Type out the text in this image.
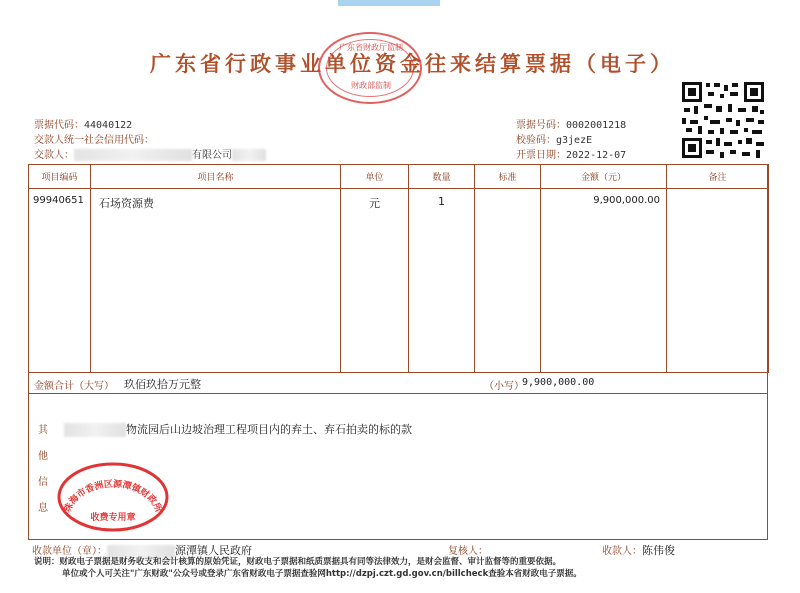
广东省行政事业单位资金往来结算票据（电子）
广东省财政厅监制
财政部监制
票据代码：44040122
交款人统一社会信用代码：
交款人：	有限公司
票据号码：0002001218
校验码：g3jezE
开票日期：2022-12-07
项目编码	项目名称	单位	数量	标准	金额（元）	备注
99940651	石场资源费	元	1		9,900,000.00	
金额合计（大写） 玖佰玖拾万元整	（小写）
9,900,000.00
其
他
信
息
物流园后山边坡治理工程项目内的弃土、弃石拍卖的标的款
珠海市香洲区源潭镇财政所
收费专用章
收款单位（章）：	源潭镇人民政府	复核人：	收款人：陈伟俊
说明：财政电子票据是财务收支和会计核算的原始凭证，财政电子票据和纸质票据具有同等法律效力，是财会监督、审计监督等的重要依据。
单位或个人可关注"广东财政"公众号或登录广东省财政电子票据查验网http://dzpj.czt.gd.gov.cn/billcheck查验本省财政电子票据。
